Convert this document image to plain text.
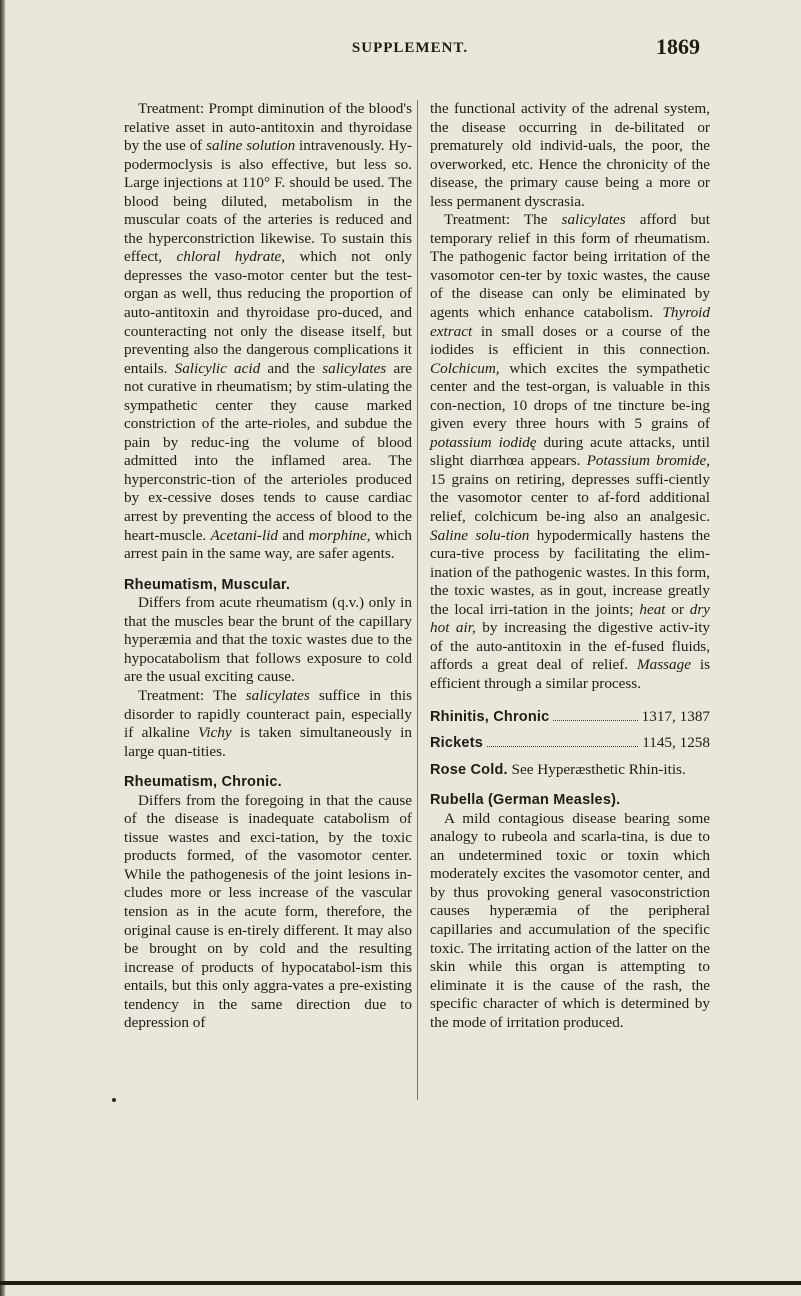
SUPPLEMENT.	1869

Treatment: Prompt diminution of the blood's relative asset in auto-antitoxin and thyroidase by the use of saline solution intravenously. Hy-podermoclysis is also effective, but less so. Large injections at 110° F. should be used. The blood being diluted, metabolism in the muscular coats of the arteries is reduced and the hyperconstriction likewise. To sustain this effect, chloral hydrate, which not only depresses the vaso-motor center but the test-organ as well, thus reducing the proportion of auto-antitoxin and thyroidase pro-duced, and counteracting not only the disease itself, but preventing also the dangerous complications it entails. Salicylic acid and the salicylates are not curative in rheumatism; by stim-ulating the sympathetic center they cause marked constriction of the arte-rioles, and subdue the pain by reduc-ing the volume of blood admitted into the inflamed area. The hyperconstric-tion of the arterioles produced by ex-cessive doses tends to cause cardiac arrest by preventing the access of blood to the heart-muscle. Acetani-lid and morphine, which arrest pain in the same way, are safer agents.

Rheumatism, Muscular.

Differs from acute rheumatism (q.v.) only in that the muscles bear the brunt of the capillary hyperæmia and that the toxic wastes due to the hypocatabolism that follows exposure to cold are the usual exciting cause.

Treatment: The salicylates suffice in this disorder to rapidly counteract pain, especially if alkaline Vichy is taken simultaneously in large quan-tities.

Rheumatism, Chronic.

Differs from the foregoing in that the cause of the disease is inadequate catabolism of tissue wastes and exci-tation, by the toxic products formed, of the vasomotor center. While the pathogenesis of the joint lesions in-cludes more or less increase of the vascular tension as in the acute form, therefore, the original cause is en-tirely different. It may also be brought on by cold and the resulting increase of products of hypocatabol-ism this entails, but this only aggra-vates a pre-existing tendency in the same direction due to depression of

the functional activity of the adrenal system, the disease occurring in de-bilitated or prematurely old individ-uals, the poor, the overworked, etc. Hence the chronicity of the disease, the primary cause being a more or less permanent dyscrasia.

Treatment: The salicylates afford but temporary relief in this form of rheumatism. The pathogenic factor being irritation of the vasomotor cen-ter by toxic wastes, the cause of the disease can only be eliminated by agents which enhance catabolism. Thyroid extract in small doses or a course of the iodides is efficient in this connection. Colchicum, which excites the sympathetic center and the test-organ, is valuable in this con-nection, 10 drops of tne tincture be-ing given every three hours with 5 grains of potassium iodidę during acute attacks, until slight diarrhœa appears. Potassium bromide, 15 grains on retiring, depresses suffi-ciently the vasomotor center to af-ford additional relief, colchicum be-ing also an analgesic. Saline solu-tion hypodermically hastens the cura-tive process by facilitating the elim-ination of the pathogenic wastes. In this form, the toxic wastes, as in gout, increase greatly the local irri-tation in the joints; heat or dry hot air, by increasing the digestive activ-ity of the auto-antitoxin in the ef-fused fluids, affords a great deal of relief. Massage is efficient through a similar process.

Rhinitis, Chronic	1317, 1387
Rickets	1145, 1258

Rose Cold. See Hyperæsthetic Rhin-itis.

Rubella (German Measles).

A mild contagious disease bearing some analogy to rubeola and scarla-tina, is due to an undetermined toxic or toxin which moderately excites the vasomotor center, and by thus provoking general vasoconstriction causes hyperæmia of the peripheral capillaries and accumulation of the specific toxic. The irritating action of the latter on the skin while this organ is attempting to eliminate it is the cause of the rash, the specific character of which is determined by the mode of irritation produced.
